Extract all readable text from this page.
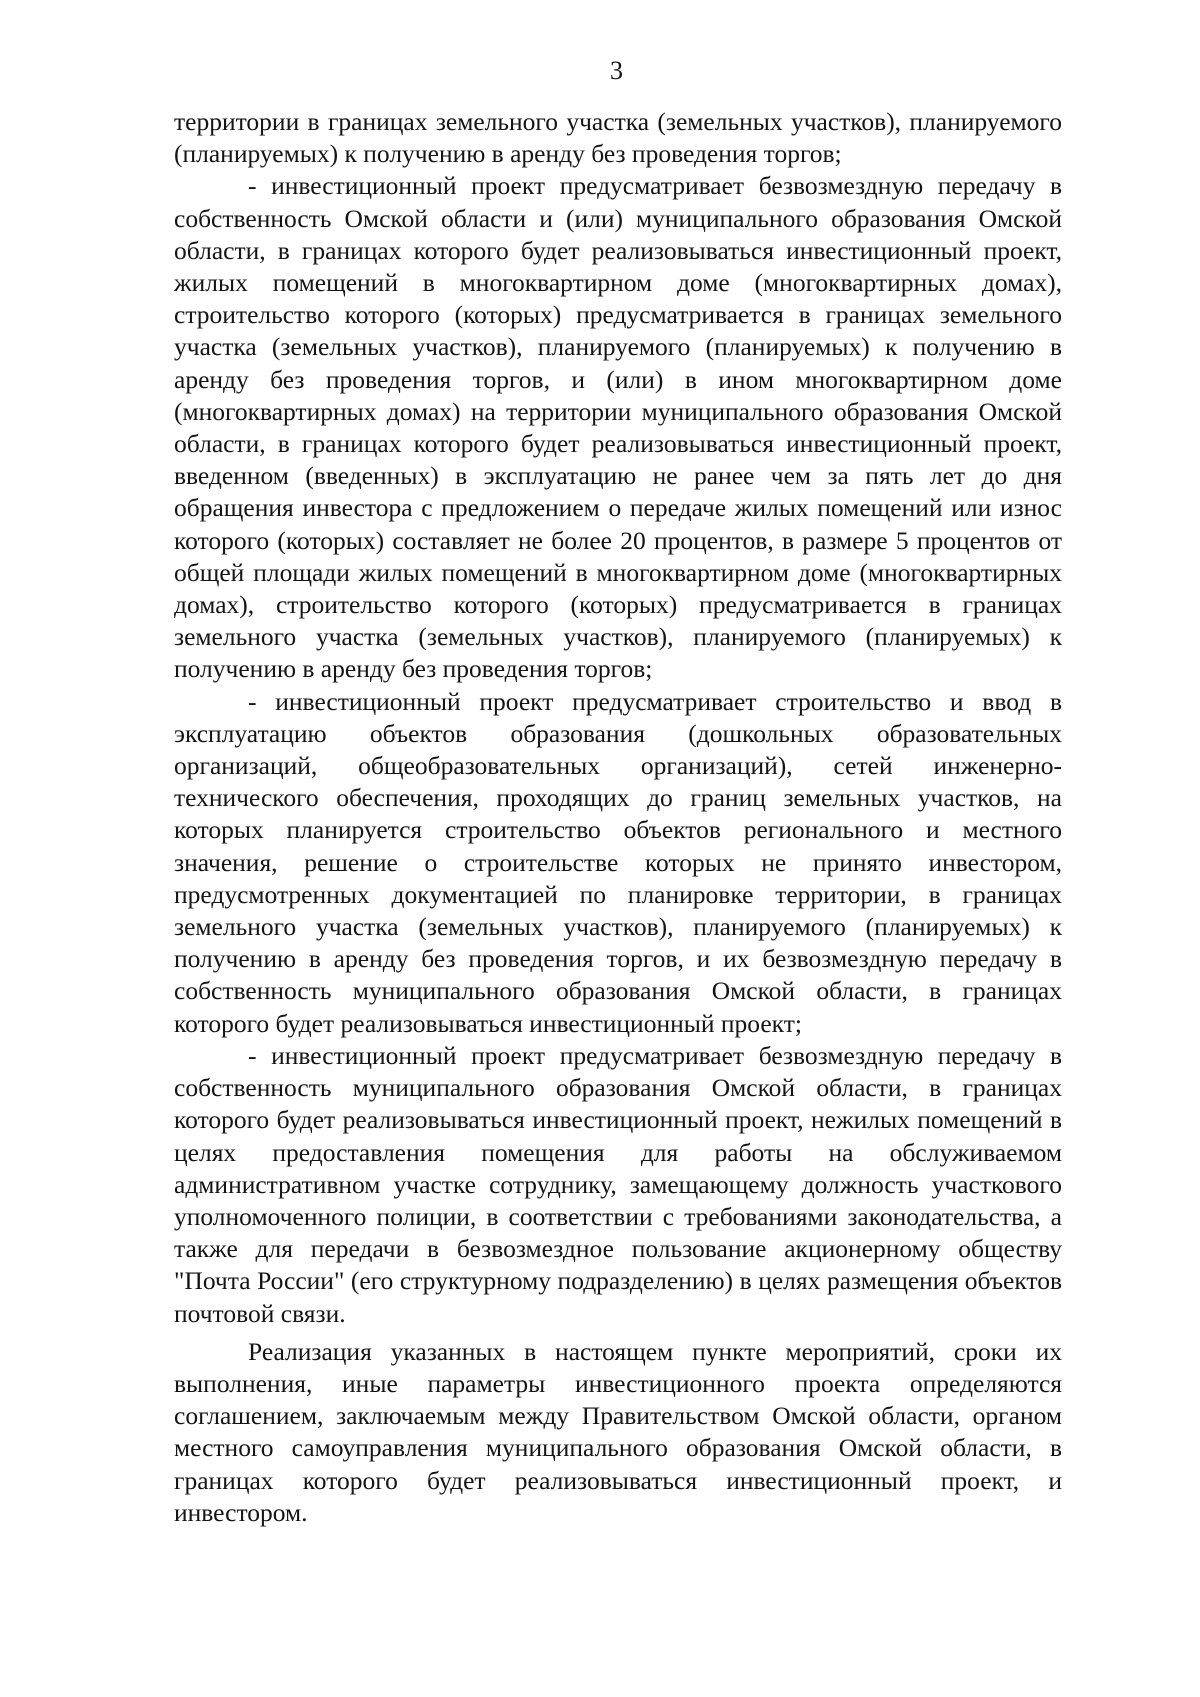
3

территории в границах земельного участка (земельных участков), планируемого (планируемых) к получению в аренду без проведения торгов;

- инвестиционный проект предусматривает безвозмездную передачу в собственность Омской области и (или) муниципального образования Омской области, в границах которого будет реализовываться инвестиционный проект, жилых помещений в многоквартирном доме (многоквартирных домах), строительство которого (которых) предусматривается в границах земельного участка (земельных участков), планируемого (планируемых) к получению в аренду без проведения торгов, и (или) в ином многоквартирном доме (многоквартирных домах) на территории муниципального образования Омской области, в границах которого будет реализовываться инвестиционный проект, введенном (введенных) в эксплуатацию не ранее чем за пять лет до дня обращения инвестора с предложением о передаче жилых помещений или износ которого (которых) составляет не более 20 процентов, в размере 5 процентов от общей площади жилых помещений в многоквартирном доме (многоквартирных домах), строительство которого (которых) предусматривается в границах земельного участка (земельных участков), планируемого (планируемых) к получению в аренду без проведения торгов;

- инвестиционный проект предусматривает строительство и ввод в эксплуатацию объектов образования (дошкольных образовательных организаций, общеобразовательных организаций), сетей инженерно-технического обеспечения, проходящих до границ земельных участков, на которых планируется строительство объектов регионального и местного значения, решение о строительстве которых не принято инвестором, предусмотренных документацией по планировке территории, в границах земельного участка (земельных участков), планируемого (планируемых) к получению в аренду без проведения торгов, и их безвозмездную передачу в собственность муниципального образования Омской области, в границах которого будет реализовываться инвестиционный проект;

- инвестиционный проект предусматривает безвозмездную передачу в собственность муниципального образования Омской области, в границах которого будет реализовываться инвестиционный проект, нежилых помещений в целях предоставления помещения для работы на обслуживаемом административном участке сотруднику, замещающему должность участкового уполномоченного полиции, в соответствии с требованиями законодательства, а также для передачи в безвозмездное пользование акционерному обществу "Почта России" (его структурному подразделению) в целях размещения объектов почтовой связи.

Реализация указанных в настоящем пункте мероприятий, сроки их выполнения, иные параметры инвестиционного проекта определяются соглашением, заключаемым между Правительством Омской области, органом местного самоуправления муниципального образования Омской области, в границах которого будет реализовываться инвестиционный проект, и инвестором.
